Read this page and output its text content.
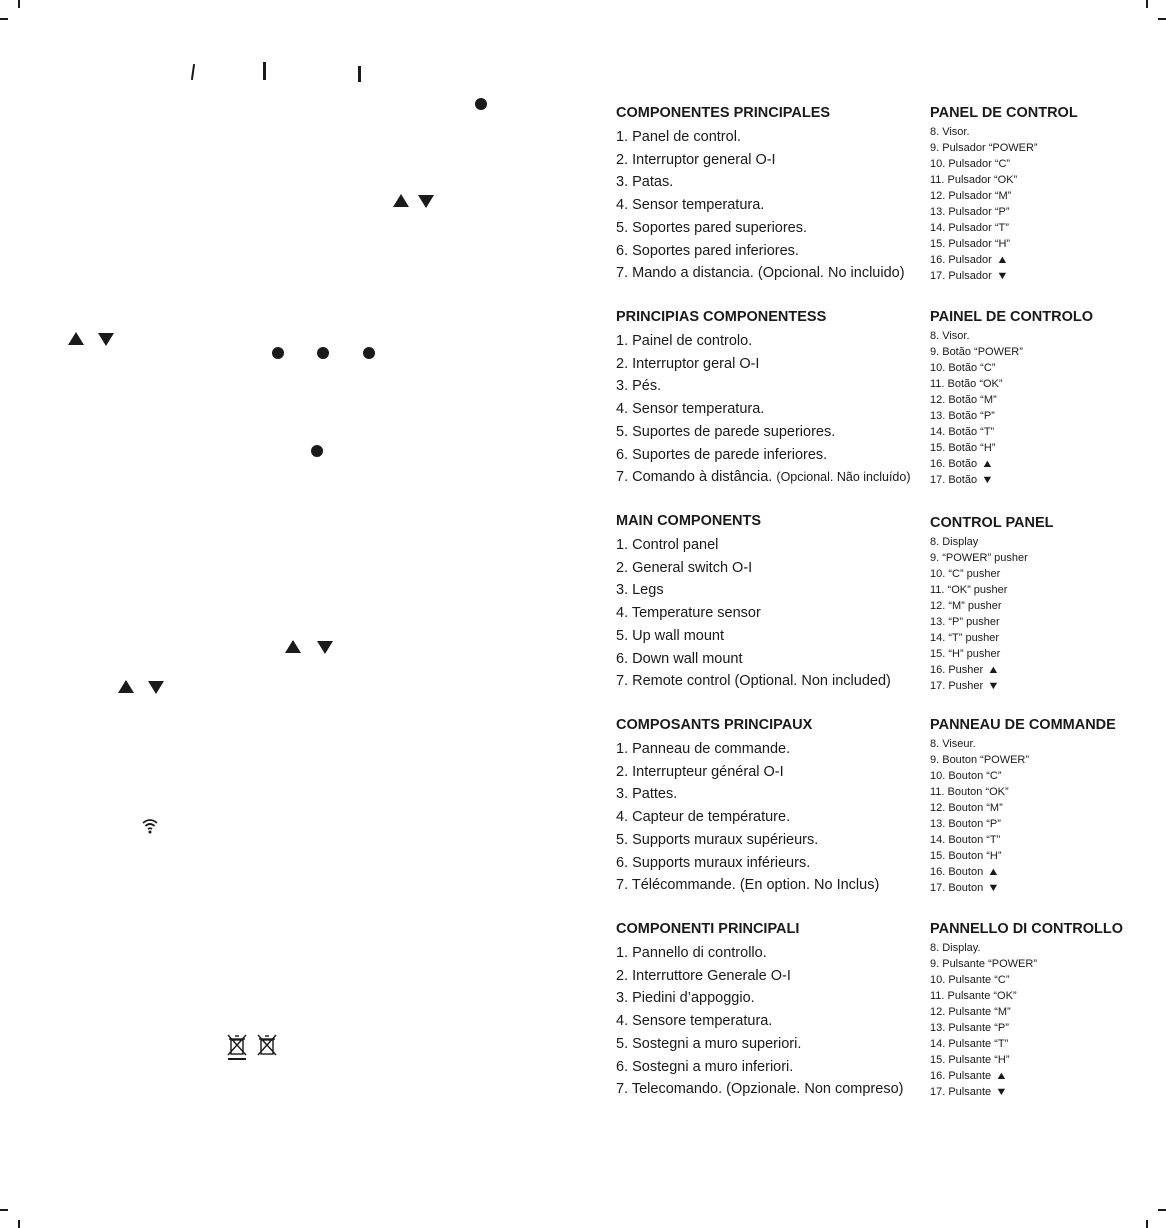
COMPONENTES PRINCIPALES
1. Panel de control.
2. Interruptor general O-I
3. Patas.
4. Sensor temperatura.
5. Soportes pared superiores.
6. Soportes pared inferiores.
7. Mando a distancia. (Opcional. No incluido)
PANEL DE CONTROL
8. Visor.
9. Pulsador “POWER”
10. Pulsador “C”
11. Pulsador “OK”
12. Pulsador “M”
13. Pulsador “P”
14. Pulsador “T”
15. Pulsador “H”
16. Pulsador ▲
17. Pulsador ▼
PRINCIPIAS COMPONENTESS
1. Painel de controlo.
2. Interruptor geral O-I
3. Pés.
4. Sensor temperatura.
5. Suportes de parede superiores.
6. Suportes de parede inferiores.
7. Comando à distância. (Opcional. Não incluído)
PAINEL DE CONTROLO
8. Visor.
9. Botão “POWER”
10. Botão “C”
11. Botão “OK”
12. Botão “M”
13. Botão “P”
14. Botão “T”
15. Botão “H”
16. Botão ▲
17. Botão ▼
MAIN COMPONENTS
1. Control panel
2. General switch O-I
3. Legs
4. Temperature sensor
5. Up wall mount
6. Down wall mount
7. Remote control (Optional. Non included)
CONTROL PANEL
8. Display
9. “POWER” pusher
10. “C” pusher
11. “OK” pusher
12. “M” pusher
13. “P” pusher
14. “T” pusher
15. “H” pusher
16. Pusher ▲
17. Pusher ▼
COMPOSANTS PRINCIPAUX
1. Panneau de commande.
2. Interrupteur général O-I
3. Pattes.
4. Capteur de température.
5. Supports muraux supérieurs.
6. Supports muraux inférieurs.
7. Télécommande. (En option. No Inclus)
PANNEAU DE COMMANDE
8. Viseur.
9. Bouton “POWER”
10. Bouton “C”
11. Bouton “OK”
12. Bouton “M”
13. Bouton “P”
14. Bouton “T”
15. Bouton “H”
16. Bouton ▲
17. Bouton ▼
COMPONENTI PRINCIPALI
1. Pannello di controllo.
2. Interruttore Generale O-I
3. Piedini d’appoggio.
4. Sensore temperatura.
5. Sostegni a muro superiori.
6. Sostegni a muro inferiori.
7. Telecomando. (Opzionale. Non compreso)
PANNELLO DI CONTROLLO
8. Display.
9. Pulsante “POWER”
10. Pulsante “C”
11. Pulsante “OK”
12. Pulsante “M”
13. Pulsante “P”
14. Pulsante “T”
15. Pulsante “H”
16. Pulsante ▲
17. Pulsante ▼
